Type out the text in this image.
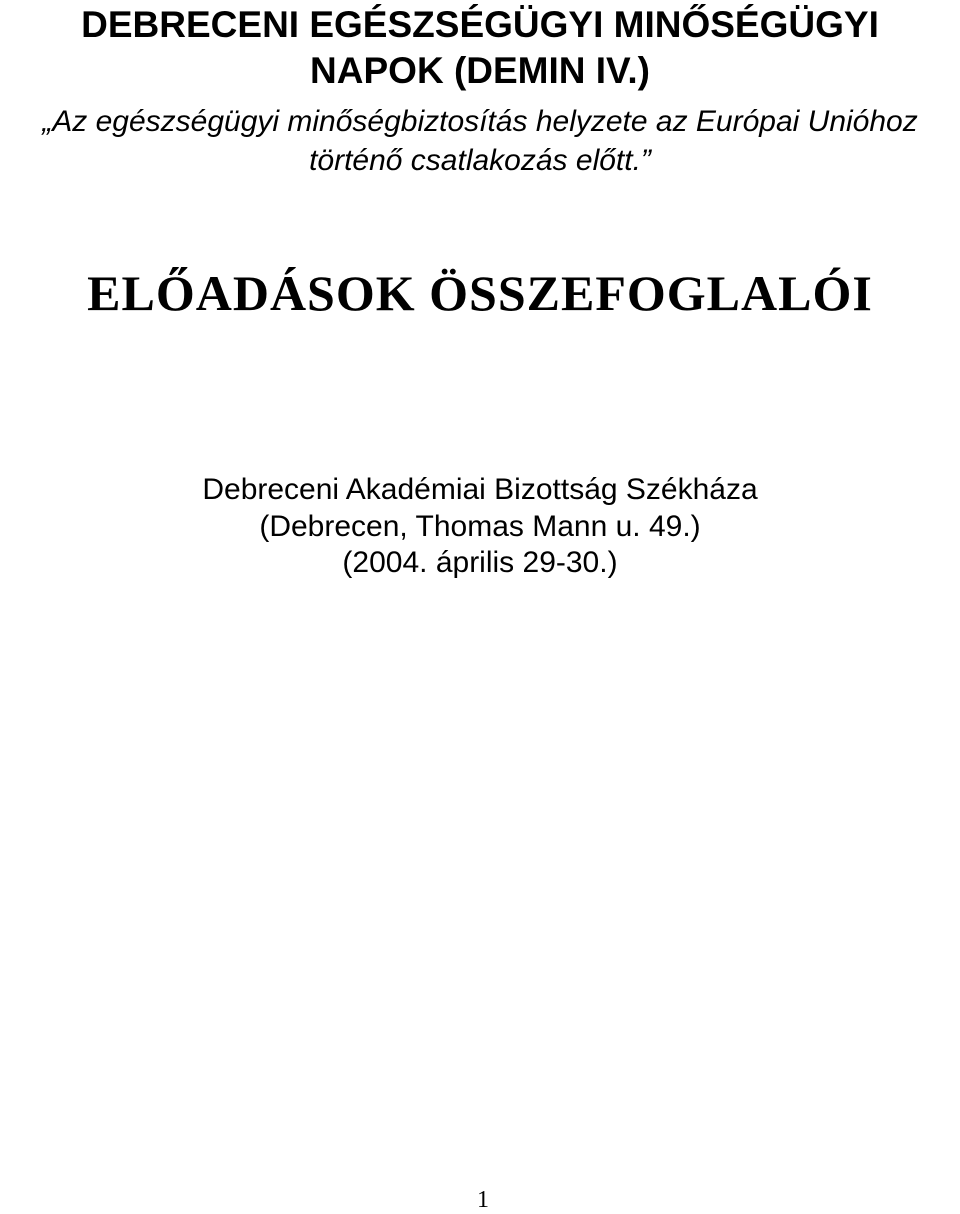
DEBRECENI EGÉSZSÉGÜGYI MINŐSÉGÜGYI
NAPOK (DEMIN IV.)

„Az egészségügyi minőségbiztosítás helyzete az Európai Unióhoz

történő csatlakozás előtt.”

ELŐADÁSOK ÖSSZEFOGLALÓI

Debreceni Akadémiai Bizottság Székháza

(Debrecen, Thomas Mann u. 49.)

(2004. április 29-30.)

1
